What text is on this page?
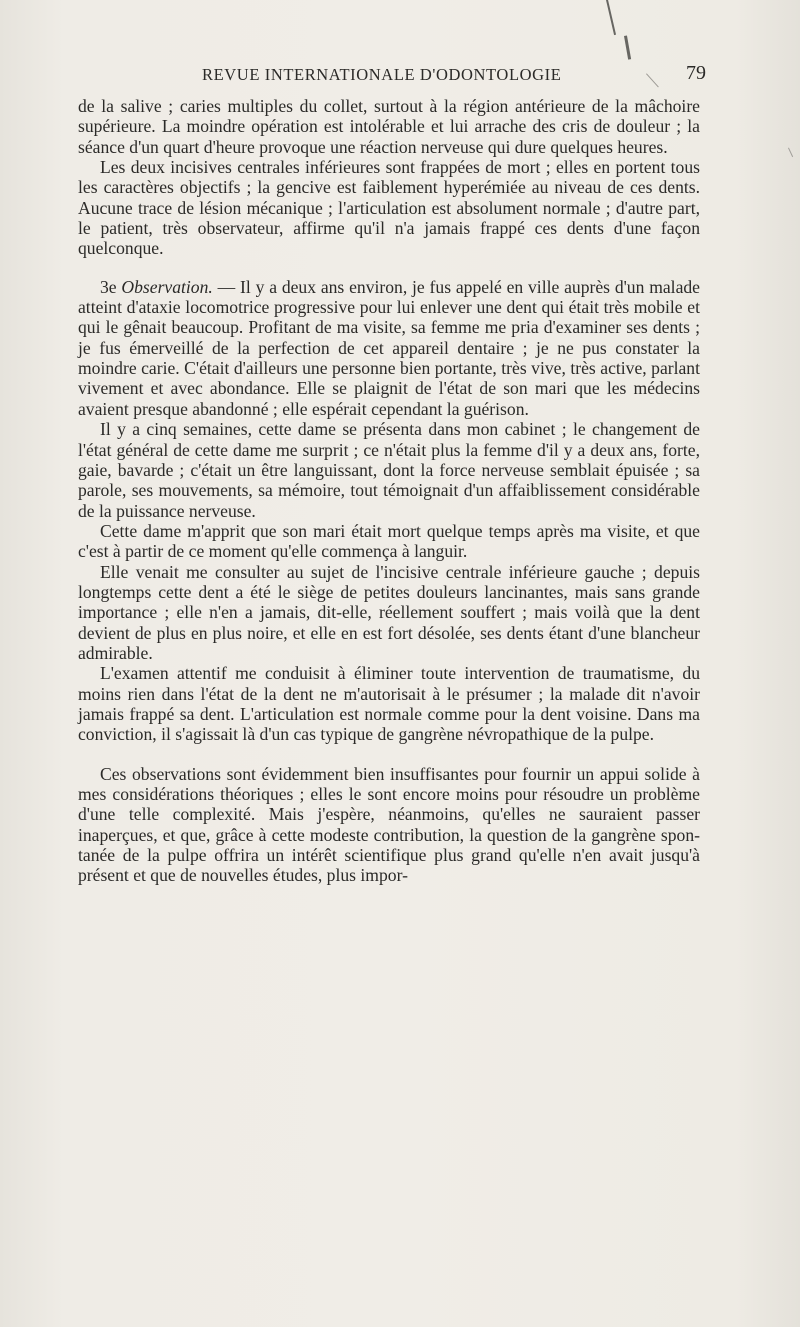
REVUE INTERNATIONALE D'ODONTOLOGIE	79

de la salive ; caries multiples du collet, surtout à la région antérieure de la mâchoire supérieure. La moindre opération est intolérable et lui arrache des cris de douleur ; la séance d'un quart d'heure provoque une réaction nerveuse qui dure quelques heures.

Les deux incisives centrales inférieures sont frappées de mort ; elles en portent tous les caractères objectifs ; la gencive est faiblement hyperémiée au niveau de ces dents. Aucune trace de lésion mécanique ; l'articulation est absolument normale ; d'autre part, le patient, très observateur, affirme qu'il n'a jamais frappé ces dents d'une façon quelconque.

3e Observation. — Il y a deux ans environ, je fus appelé en ville auprès d'un malade atteint d'ataxie locomotrice progressive pour lui enlever une dent qui était très mobile et qui le gênait beaucoup. Profitant de ma visite, sa femme me pria d'examiner ses dents ; je fus émerveillé de la perfection de cet appareil dentaire ; je ne pus constater la moindre carie. C'était d'ailleurs une personne bien portante, très vive, très active, parlant vivement et avec abondance. Elle se plaignit de l'état de son mari que les médecins avaient presque abandonné ; elle espérait cependant la guérison.

Il y a cinq semaines, cette dame se présenta dans mon cabinet ; le changement de l'état général de cette dame me surprit ; ce n'était plus la femme d'il y a deux ans, forte, gaie, bavarde ; c'était un être languissant, dont la force nerveuse semblait épuisée ; sa parole, ses mouvements, sa mémoire, tout témoignait d'un affaiblissement considérable de la puissance nerveuse.

Cette dame m'apprit que son mari était mort quelque temps après ma visite, et que c'est à partir de ce moment qu'elle commença à languir.

Elle venait me consulter au sujet de l'incisive centrale inférieure gauche ; depuis longtemps cette dent a été le siège de petites douleurs lancinantes, mais sans grande importance ; elle n'en a jamais, dit-elle, réellement souffert ; mais voilà que la dent devient de plus en plus noire, et elle en est fort désolée, ses dents étant d'une blancheur admirable.

L'examen attentif me conduisit à éliminer toute intervention de traumatisme, du moins rien dans l'état de la dent ne m'autorisait à le présumer ; la malade dit n'avoir jamais frappé sa dent. L'articulation est normale comme pour la dent voisine. Dans ma conviction, il s'agissait là d'un cas typique de gangrène névropathique de la pulpe.

Ces observations sont évidemment bien insuffisantes pour fournir un appui solide à mes considérations théoriques ; elles le sont encore moins pour résoudre un problème d'une telle complexité. Mais j'espère, néanmoins, qu'elles ne sauraient passer inaperçues, et que, grâce à cette modeste contribution, la question de la gangrène spontanée de la pulpe offrira un intérêt scientifique plus grand qu'elle n'en avait jusqu'à présent et que de nouvelles études, plus impor-
